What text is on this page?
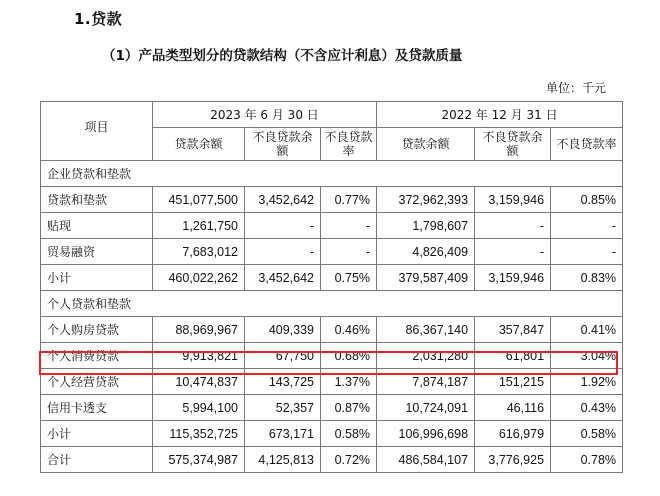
1.贷款
（1）产品类型划分的贷款结构（不含应计利息）及贷款质量
单位：千元
项目	2023 年 6 月 30 日			2022 年 12 月 31 日		
	贷款余额	不良贷款余额	不良贷款率	贷款余额	不良贷款余额	不良贷款率
企业贷款和垫款						
贷款和垫款	451,077,500	3,452,642	0.77%	372,962,393	3,159,946	0.85%
贴现	1,261,750	-	-	1,798,607	-	-
贸易融资	7,683,012	-	-	4,826,409	-	-
小计	460,022,262	3,452,642	0.75%	379,587,409	3,159,946	0.83%
个人贷款和垫款						
个人购房贷款	88,969,967	409,339	0.46%	86,367,140	357,847	0.41%
个人消费贷款	9,913,821	67,750	0.68%	2,031,280	61,801	3.04%
个人经营贷款	10,474,837	143,725	1.37%	7,874,187	151,215	1.92%
信用卡透支	5,994,100	52,357	0.87%	10,724,091	46,116	0.43%
小计	115,352,725	673,171	0.58%	106,996,698	616,979	0.58%
合计	575,374,987	4,125,813	0.72%	486,584,107	3,776,925	0.78%
